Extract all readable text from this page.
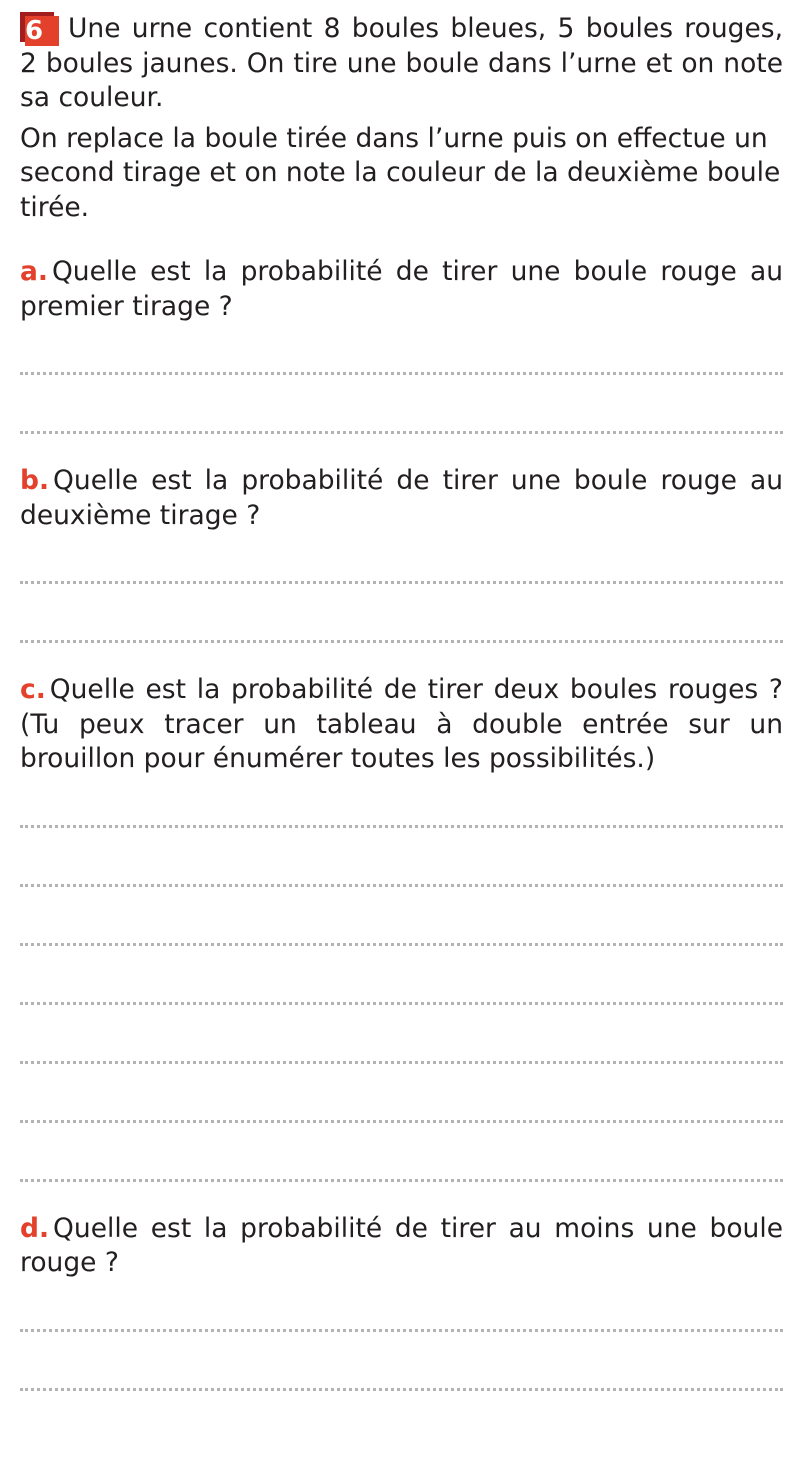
6 Une urne contient 8 boules bleues, 5 boules rouges, 2 boules jaunes. On tire une boule dans l’urne et on note sa couleur.

On replace la boule tirée dans l’urne puis on effectue un second tirage et on note la couleur de la deuxième boule tirée.

a. Quelle est la probabilité de tirer une boule rouge au premier tirage ?

b. Quelle est la probabilité de tirer une boule rouge au deuxième tirage ?

c. Quelle est la probabilité de tirer deux boules rouges ? (Tu peux tracer un tableau à double entrée sur un brouillon pour énumérer toutes les possibilités.)

d. Quelle est la probabilité de tirer au moins une boule rouge ?
